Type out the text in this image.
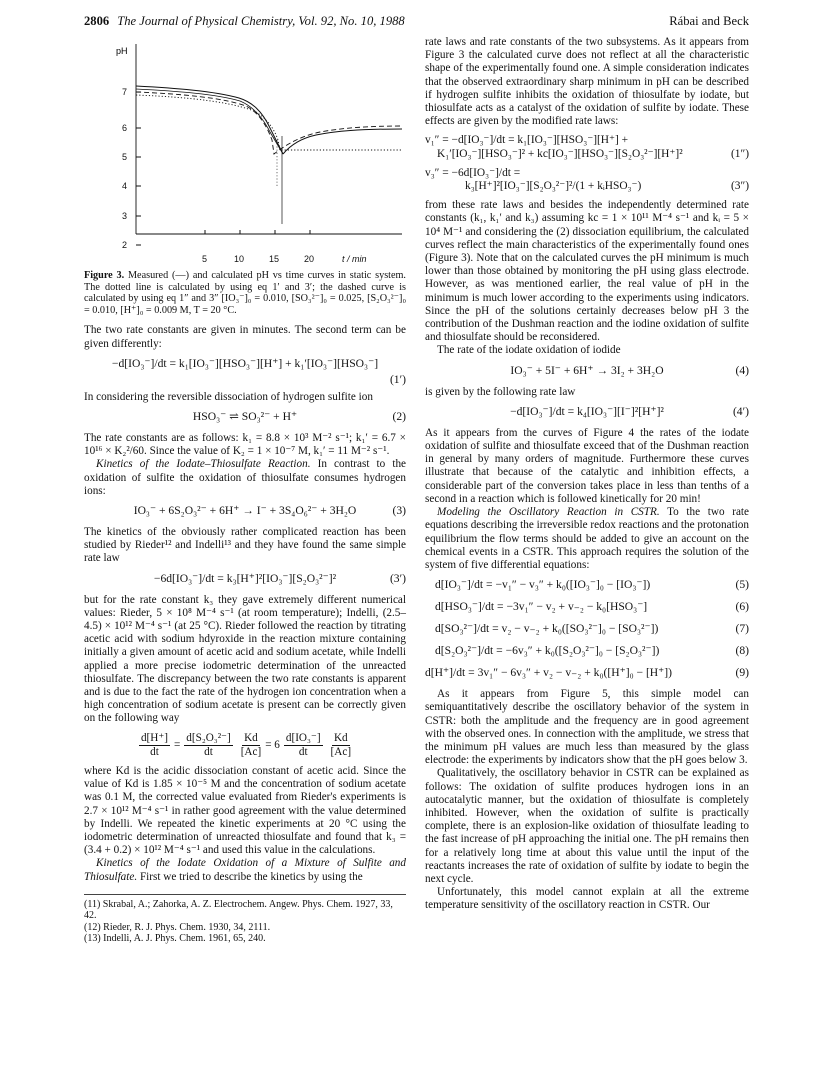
2806 The Journal of Physical Chemistry, Vol. 92, No. 10, 1988	Rábai and Beck
pH
7
6
5
4
3
2
5	10	15	20	t / min

Figure 3. Measured (—) and calculated pH vs time curves in static system. The dotted line is calculated by using eq 1′ and 3′; the dashed curve is calculated by using eq 1″ and 3″ [IO₃⁻]₀ = 0.010, [SO₃²⁻]₀ = 0.025, [S₂O₃²⁻]₀ = 0.010, [H⁺]₀ = 0.009 M, T = 20 °C.

The two rate constants are given in minutes. The second term can be given differently:

−d[IO₃⁻]/dt = k₁[IO₃⁻][HSO₃⁻][H⁺] + k₁′[IO₃⁻][HSO₃⁻]
(1′)

In considering the reversible dissociation of hydrogen sulfite ion

HSO₃⁻ ⇌ SO₃²⁻ + H⁺	(2)

The rate constants are as follows: k₁ = 8.8 × 10³ M⁻² s⁻¹; k₁′ = 6.7 × 10¹⁶ × K₂²/60. Since the value of K₂ = 1 × 10⁻⁷ M, k₁′ = 11 M⁻² s⁻¹.

Kinetics of the Iodate–Thiosulfate Reaction. In contrast to the oxidation of sulfite the oxidation of thiosulfate consumes hydrogen ions:

IO₃⁻ + 6S₂O₃²⁻ + 6H⁺ → I⁻ + 3S₄O₆²⁻ + 3H₂O	(3)

The kinetics of the obviously rather complicated reaction has been studied by Rieder¹² and Indelli¹³ and they have found the same simple rate law

−6d[IO₃⁻]/dt = k₃[H⁺]²[IO₃⁻][S₂O₃²⁻]²	(3′)

but for the rate constant k₃ they gave extremely different numerical values: Rieder, 5 × 10⁸ M⁻⁴ s⁻¹ (at room temperature); Indelli, (2.5–4.5) × 10¹² M⁻⁴ s⁻¹ (at 25 °C). Rieder followed the reaction by titrating acetic acid with sodium hdyroxide in the reaction mixture containing initially a given amount of acetic acid and sodium acetate, while Indelli applied a more precise iodometric determination of the unreacted thiosulfate. The discrepancy between the two rate constants is apparent and is due to the fact the rate of the hydrogen ion concentration when a high concentration of sodium acetate is present can be correctly given on the following way

$\frac{d[H^+]}{dt} = \frac{\text{d[S₂O₃²⁻]}}{dt} \frac{Kd}{[Ac]} = 6$
d[IO₃⁻]
dt
Kd
[Ac]

where Kd is the acidic dissociation constant of acetic acid. Since the value of Kd is 1.85 × 10⁻⁵ M and the concentration of sodium acetate was 0.1 M, the corrected value evaluated from Rieder's experiments is 2.7 × 10¹² M⁻⁴ s⁻¹ in rather good agreement with the value determined by Indelli. We repeated the kinetic experiments at 20 °C using the iodometric determination of unreacted thiosulfate and found that k₃ = (3.4 + 0.2) × 10¹² M⁻⁴ s⁻¹ and used this value in the calculations.

Kinetics of the Iodate Oxidation of a Mixture of Sulfite and Thiosulfate. First we tried to describe the kinetics by using the

(11) Skrabal, A.; Zahorka, A. Z. Electrochem. Angew. Phys. Chem. 1927, 33, 42.
(12) Rieder, R. J. Phys. Chem. 1930, 34, 2111.
(13) Indelli, A. J. Phys. Chem. 1961, 65, 240.

rate laws and rate constants of the two subsystems. As it appears from Figure 3 the calculated curve does not reflect at all the characteristic shape of the experimentally found one. A simple consideration indicates that the observed extraordinary sharp minimum in pH can be described if hydrogen sulfite inhibits the oxidation of thiosulfate by iodate, but thiosulfate acts as a catalyst of the oxidation of sulfite by iodate. These effects are given by the modified rate laws:

v₁″ = −d[IO₃⁻]/dt = k₁[IO₃⁻][HSO₃⁻][H⁺] +
K₁′[IO₃⁻][HSO₃⁻]² + kc[IO₃⁻][HSO₃⁻][S₂O₃²⁻][H⁺]²	(1″)
v₃″ = −6d[IO₃⁻]/dt =
k₃[H⁺]²[IO₃⁻][S₂O₃²⁻]²/(1 + kᵢHSO₃⁻)	(3″)

from these rate laws and besides the independently determined rate constants (k₁, k₁′ and k₃) assuming kc = 1 × 10¹¹ M⁻⁴ s⁻¹ and kᵢ = 5 × 10⁴ M⁻¹ and considering the (2) dissociation equilibrium, the calculated curves reflect the main characteristics of the experimentally found ones (Figure 3). Note that on the calculated curves the pH minimum is much lower than those obtained by monitoring the pH using glass electrode. However, as was mentioned earlier, the real value of pH in the minimum is much lower according to the experiments using indicators. Since the pH of the solutions certainly decreases below pH 3 the contribution of the Dushman reaction and the iodine oxidation of sulfite and thiosulfate should be reconsidered.

The rate of the iodate oxidation of iodide

IO₃⁻ + 5I⁻ + 6H⁺ → 3I₂ + 3H₂O	(4)

is given by the following rate law

−d[IO₃⁻]/dt = k₄[IO₃⁻][I⁻]²[H⁺]²	(4′)

As it appears from the curves of Figure 4 the rates of the iodate oxidation of sulfite and thiosulfate exceed that of the Dushman reaction in general by many orders of magnitude. Furthermore these curves illustrate that because of the catalytic and inhibition effects, a considerable part of the conversion takes place in less than tenths of a second in a reaction which is followed kinetically for 20 min!

Modeling the Oscillatory Reaction in CSTR. To the two rate equations describing the irreversible redox reactions and the protonation equilibrium the flow terms should be added to give an account on the chemical events in a CSTR. This approach requires the solution of the system of five differential equations:

d[IO₃⁻]/dt = −v₁″ − v₃″ + k₀([IO₃⁻]₀ − [IO₃⁻])	(5)
d[HSO₃⁻]/dt = −3v₁″ − v₂ + v₋₂ − k₀[HSO₃⁻]	(6)
d[SO₃²⁻]/dt = v₂ − v₋₂ + k₀([SO₃²⁻]₀ − [SO₃²⁻])	(7)
d[S₂O₃²⁻]/dt = −6v₃″ + k₀([S₂O₃²⁻]₀ − [S₂O₃²⁻])	(8)
d[H⁺]/dt = 3v₁″ − 6v₃″ + v₂ − v₋₂ + k₀([H⁺]₀ − [H⁺])	(9)

As it appears from Figure 5, this simple model can semiquantitatively describe the oscillatory behavior of the system in CSTR: both the amplitude and the frequency are in good agreement with the observed ones. In connection with the amplitude, we stress that the minimum pH values are much less than measured by the glass electrode: the experiments by indicators show that the pH goes below 3.

Qualitatively, the oscillatory behavior in CSTR can be explained as follows: The oxidation of sulfite produces hydrogen ions in an autocatalytic manner, but the oxidation of thiosulfate is completely inhibited. However, when the oxidation of sulfite is practically complete, there is an explosion-like oxidation of thiosulfate leading to the fast increase of pH approaching the initial one. The pH remains then for a relatively long time at about this value until the input of the reactants increases the rate of oxidation of sulfite by iodate to begin the next cycle.

Unfortunately, this model cannot explain at all the extreme temperature sensitivity of the oscillatory reaction in CSTR. Our
